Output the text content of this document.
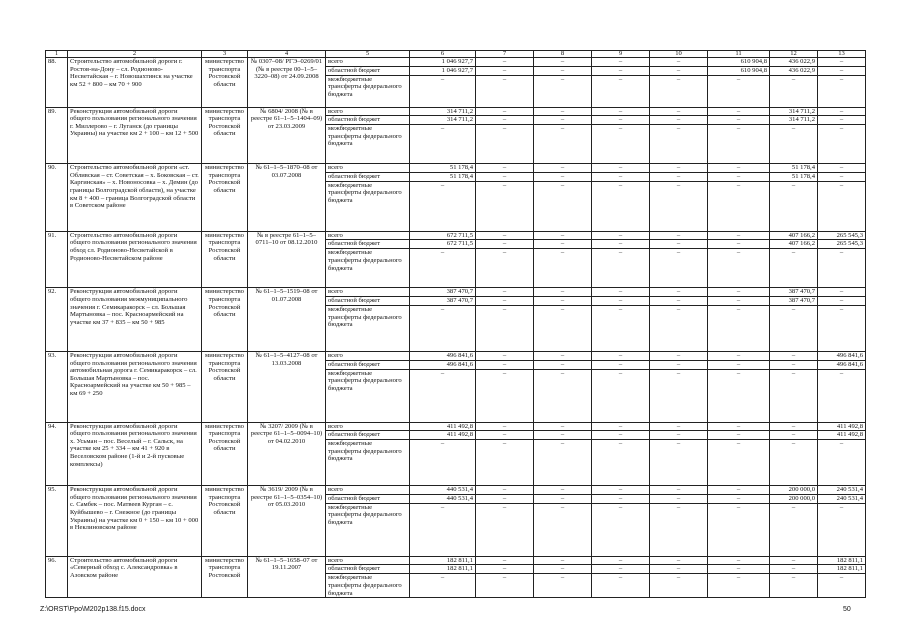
1	2	3	4	5	6	7	8	9	10	11	12	13
88.	Строительство автомобильной дороги г. Ростов-на-Дону – сл. Родионово-Несветайская – г. Новошахтинск на участке км 52 + 800 – км 70 + 900	министерство транспорта Ростовской области	№ 0307–08/ РГЭ–0269/01 (№ в реестре 00–1–5–3220–08) от 24.09.2008	всего	1 046 927,7	–	–	–	–	610 904,8	436 022,9	–
				областной бюджет	1 046 927,7	–	–	–	–	610 904,8	436 022,9	–
				межбюджетные трансферты федерального бюджета	–	–	–	–	–	–	–	–
89.	Реконструкция автомобильной дороги общего пользования регионального значения г. Миллерово – г. Луганск (до границы Украины) на участке км 2 + 100 – км 12 + 500	министерство транспорта Ростовской области	№ 6804/ 2008 (№ в реестре 61–1–5–1404–09) от 23.03.2009	всего	314 711,2	–	–	–	–	–	314 711,2	–
				областной бюджет	314 711,2	–	–	–	–	–	314 711,2	–
				межбюджетные трансферты федерального бюджета	–	–	–	–	–	–	–	–
90.	Строительство автомобильной дороги «ст. Обливская – ст. Советская – х. Боковская – ст. Каргинская» – х. Новоносовка – х. Демин (до границы Волгоградской области), на участке км 8 + 400 – граница Волгоградской области в Советском районе	министерство транспорта Ростовской области	№ 61–1–5–1870–08 от 03.07.2008	всего	51 178,4	–	–	–	–	–	51 178,4	–
				областной бюджет	51 178,4	–	–	–	–	–	51 178,4	–
				межбюджетные трансферты федерального бюджета	–	–	–	–	–	–	–	–
91.	Строительство автомобильной дороги общего пользования регионального значения обход сл. Родионово-Несветайской в Родионово-Несветайском районе	министерство транспорта Ростовской области	№ в реестре 61–1–5–0711–10 от 08.12.2010	всего	672 711,5	–	–	–	–	–	407 166,2	265 545,3
				областной бюджет	672 711,5	–	–	–	–	–	407 166,2	265 545,3
				межбюджетные трансферты федерального бюджета	–	–	–	–	–	–	–	–
92.	Реконструкция автомобильной дороги общего пользования межмуниципального значения г. Семикаракорск – сл. Большая Мартыновка – пос. Красноармейский на участке км 37 + 835 – км 50 + 985	министерство транспорта Ростовской области	№ 61–1–5–1519–08 от 01.07.2008	всего	387 470,7	–	–	–	–	–	387 470,7	–
				областной бюджет	387 470,7	–	–	–	–	–	387 470,7	–
				межбюджетные трансферты федерального бюджета	–	–	–	–	–	–	–	–
93.	Реконструкция автомобильной дороги общего пользования регионального значения автомобильная дорога г. Семикаракорск – сл. Большая Мартыновка – пос. Красноармейский на участке км 50 + 985 – км 69 + 250	министерство транспорта Ростовской области	№ 61–1–5–4127–08 от 13.03.2008	всего	496 841,6	–	–	–	–	–	–	496 841,6
				областной бюджет	496 841,6	–	–	–	–	–	–	496 841,6
				межбюджетные трансферты федерального бюджета	–	–	–	–	–	–	–	–
94.	Реконструкция автомобильной дороги общего пользования регионального значения х. Усьман – пос. Веселый – г. Сальск, на участке км 25 + 334 – км 41 + 920 в Веселовском районе (1-й и 2-й пусковые комплексы)	министерство транспорта Ростовской области	№ 3207/ 2009 (№ в реестре 61–1–5–0094–10) от 04.02.2010	всего	411 492,8	–	–	–	–	–	–	411 492,8
				областной бюджет	411 492,8	–	–	–	–	–	–	411 492,8
				межбюджетные трансферты федерального бюджета	–	–	–	–	–	–	–	–
95.	Реконструкция автомобильной дороги общего пользования регионального значения с. Самбек – пос. Матвеев Курган – с. Куйбышево – г. Снежное (до границы Украины) на участке км 0 + 150 – км 10 + 000 в Неклиновском районе	министерство транспорта Ростовской области	№ 3619/ 2009 (№ в реестре 61–1–5–0354–10) от 05.03.2010	всего	440 531,4	–	–	–	–	–	200 000,0	240 531,4
				областной бюджет	440 531,4	–	–	–	–	–	200 000,0	240 531,4
				межбюджетные трансферты федерального бюджета	–	–	–	–	–	–	–	–
96.	Строительство автомобильной дороги «Северный обход с. Александровка» в Азовском районе	министерство транспорта Ростовской	№ 61–1–5–1658–07 от 19.11.2007	всего	182 811,1	–	–	–	–	–	–	182 811,1
				областной бюджет	182 811,1	–	–	–	–	–	–	182 811,1
				межбюджетные трансферты федерального бюджета	–	–	–	–	–	–	–	–
Z:\ORST\Ppo\M202p138.f15.docx	50
